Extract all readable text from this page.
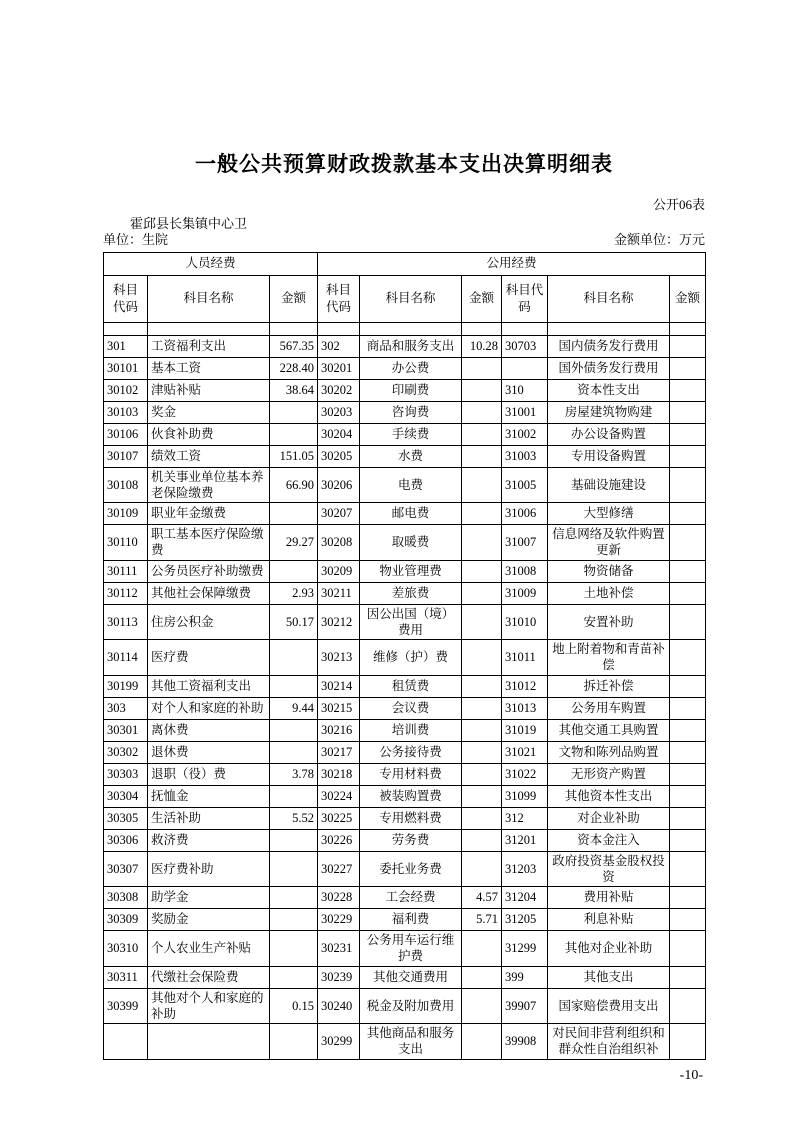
一般公共预算财政拨款基本支出决算明细表
公开06表
霍邱县长集镇中心卫
单位：生院	金额单位：万元
人员经费			公用经费					
科目代码	科目名称	金额	科目代码	科目名称	金额	科目代码	科目名称	金额

301	工资福利支出	567.35	302	商品和服务支出	10.28	30703	国内债务发行费用	
30101	基本工资	228.40	30201	办公费			国外债务发行费用	
30102	津贴补贴	38.64	30202	印刷费		310	资本性支出	
30103	奖金		30203	咨询费		31001	房屋建筑物购建	
30106	伙食补助费		30204	手续费		31002	办公设备购置	
30107	绩效工资	151.05	30205	水费		31003	专用设备购置	
30108	机关事业单位基本养老保险缴费	66.90	30206	电费		31005	基础设施建设	
30109	职业年金缴费		30207	邮电费		31006	大型修缮	
30110	职工基本医疗保险缴费	29.27	30208	取暖费		31007	信息网络及软件购置更新	
30111	公务员医疗补助缴费		30209	物业管理费		31008	物资储备	
30112	其他社会保障缴费	2.93	30211	差旅费		31009	土地补偿	
30113	住房公积金	50.17	30212	因公出国（境）费用		31010	安置补助	
30114	医疗费		30213	维修（护）费		31011	地上附着物和青苗补偿	
30199	其他工资福利支出		30214	租赁费		31012	拆迁补偿	
303	对个人和家庭的补助	9.44	30215	会议费		31013	公务用车购置	
30301	离休费		30216	培训费		31019	其他交通工具购置	
30302	退休费		30217	公务接待费		31021	文物和陈列品购置	
30303	退职（役）费	3.78	30218	专用材料费		31022	无形资产购置	
30304	抚恤金		30224	被装购置费		31099	其他资本性支出	
30305	生活补助	5.52	30225	专用燃料费		312	对企业补助	
30306	救济费		30226	劳务费		31201	资本金注入	
30307	医疗费补助		30227	委托业务费		31203	政府投资基金股权投资	
30308	助学金		30228	工会经费	4.57	31204	费用补贴	
30309	奖励金		30229	福利费	5.71	31205	利息补贴	
30310	个人农业生产补贴		30231	公务用车运行维护费		31299	其他对企业补助	
30311	代缴社会保险费		30239	其他交通费用		399	其他支出	
30399	其他对个人和家庭的补助	0.15	30240	税金及附加费用		39907	国家赔偿费用支出	
			30299	其他商品和服务支出		39908	对民间非营利组织和群众性自治组织补	
-10-
